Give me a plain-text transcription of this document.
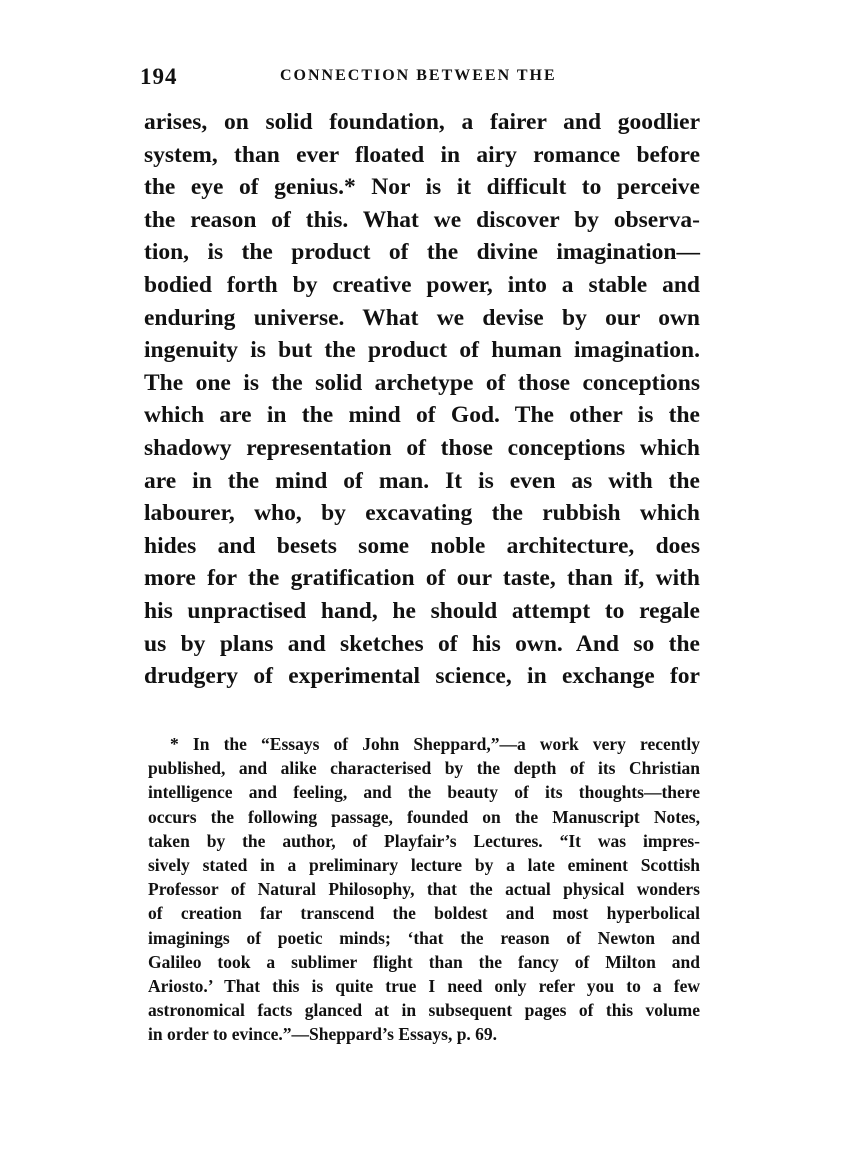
194	CONNECTION BETWEEN THE
arises, on solid foundation, a fairer and goodlier
system, than ever floated in airy romance before
the eye of genius.* Nor is it difficult to perceive
the reason of this. What we discover by observa-
tion, is the product of the divine imagination—
bodied forth by creative power, into a stable and
enduring universe. What we devise by our own
ingenuity is but the product of human imagination.
The one is the solid archetype of those conceptions
which are in the mind of God. The other is the
shadowy representation of those conceptions which
are in the mind of man. It is even as with the
labourer, who, by excavating the rubbish which
hides and besets some noble architecture, does
more for the gratification of our taste, than if, with
his unpractised hand, he should attempt to regale
us by plans and sketches of his own. And so the
drudgery of experimental science, in exchange for
* In the “Essays of John Sheppard,”—a work very recently
published, and alike characterised by the depth of its Christian
intelligence and feeling, and the beauty of its thoughts—there
occurs the following passage, founded on the Manuscript Notes,
taken by the author, of Playfair’s Lectures. “It was impres-
sively stated in a preliminary lecture by a late eminent Scottish
Professor of Natural Philosophy, that the actual physical wonders
of creation far transcend the boldest and most hyperbolical
imaginings of poetic minds; ‘that the reason of Newton and
Galileo took a sublimer flight than the fancy of Milton and
Ariosto.’ That this is quite true I need only refer you to a few
astronomical facts glanced at in subsequent pages of this volume
in order to evince.”—Sheppard’s Essays, p. 69.
